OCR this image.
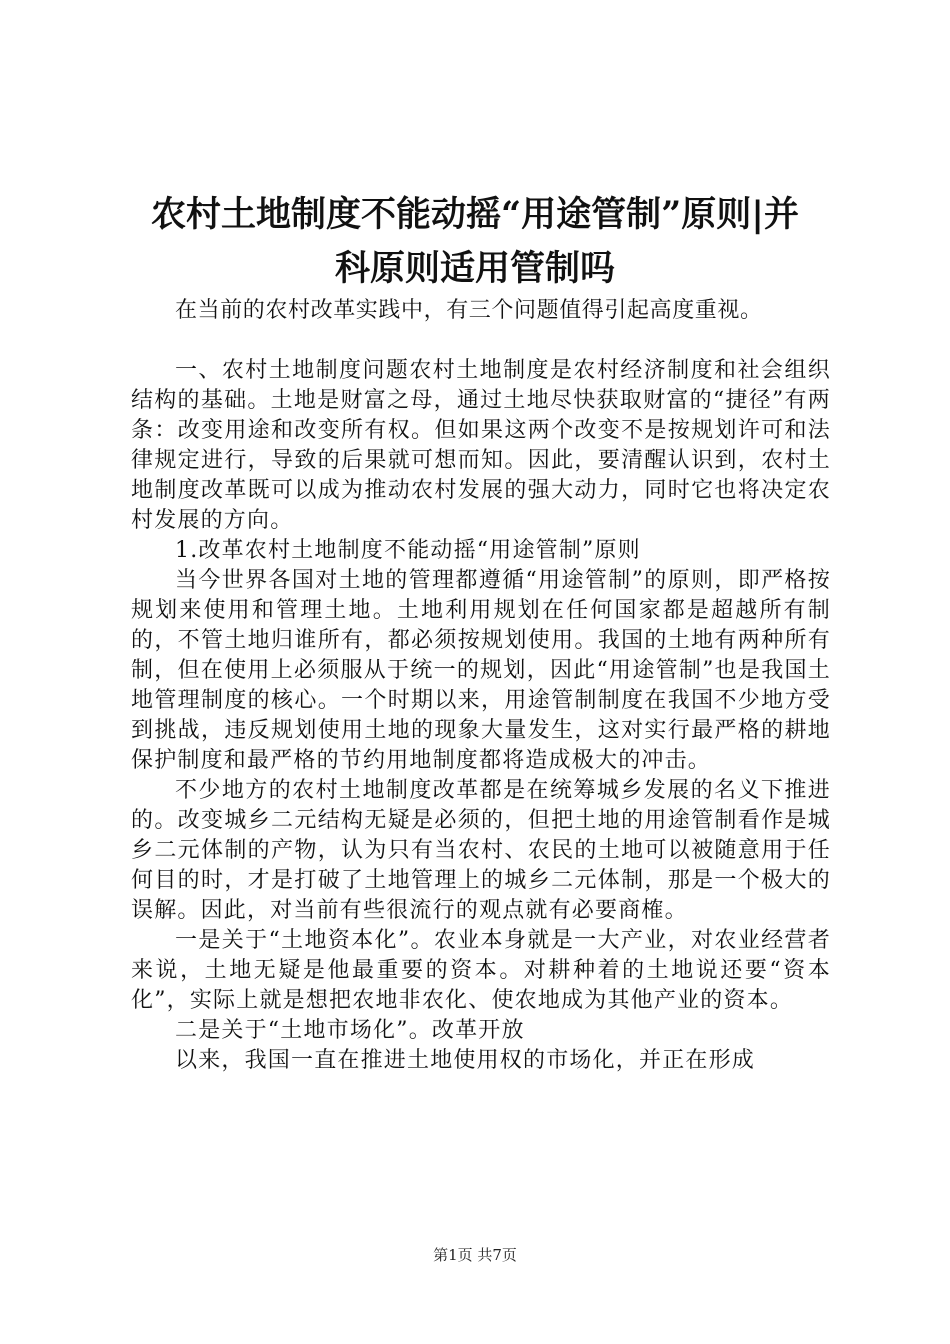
农村土地制度不能动摇“用途管制”原则|并
科原则适用管制吗

在当前的农村改革实践中，有三个问题值得引起高度重视。

一、农村土地制度问题农村土地制度是农村经济制度和社会组织结构的基础。土地是财富之母，通过土地尽快获取财富的“捷径”有两条：改变用途和改变所有权。但如果这两个改变不是按规划许可和法律规定进行，导致的后果就可想而知。因此，要清醒认识到，农村土地制度改革既可以成为推动农村发展的强大动力，同时它也将决定农村发展的方向。

1.改革农村土地制度不能动摇“用途管制”原则

当今世界各国对土地的管理都遵循“用途管制”的原则，即严格按规划来使用和管理土地。土地利用规划在任何国家都是超越所有制的，不管土地归谁所有，都必须按规划使用。我国的土地有两种所有制，但在使用上必须服从于统一的规划，因此“用途管制”也是我国土地管理制度的核心。一个时期以来，用途管制制度在我国不少地方受到挑战，违反规划使用土地的现象大量发生，这对实行最严格的耕地保护制度和最严格的节约用地制度都将造成极大的冲击。

不少地方的农村土地制度改革都是在统筹城乡发展的名义下推进的。改变城乡二元结构无疑是必须的，但把土地的用途管制看作是城乡二元体制的产物，认为只有当农村、农民的土地可以被随意用于任何目的时，才是打破了土地管理上的城乡二元体制，那是一个极大的误解。因此，对当前有些很流行的观点就有必要商榷。

一是关于“土地资本化”。农业本身就是一大产业，对农业经营者来说，土地无疑是他最重要的资本。对耕种着的土地说还要“资本化”，实际上就是想把农地非农化、使农地成为其他产业的资本。

二是关于“土地市场化”。改革开放

以来，我国一直在推进土地使用权的市场化，并正在形成

第1页 共7页
